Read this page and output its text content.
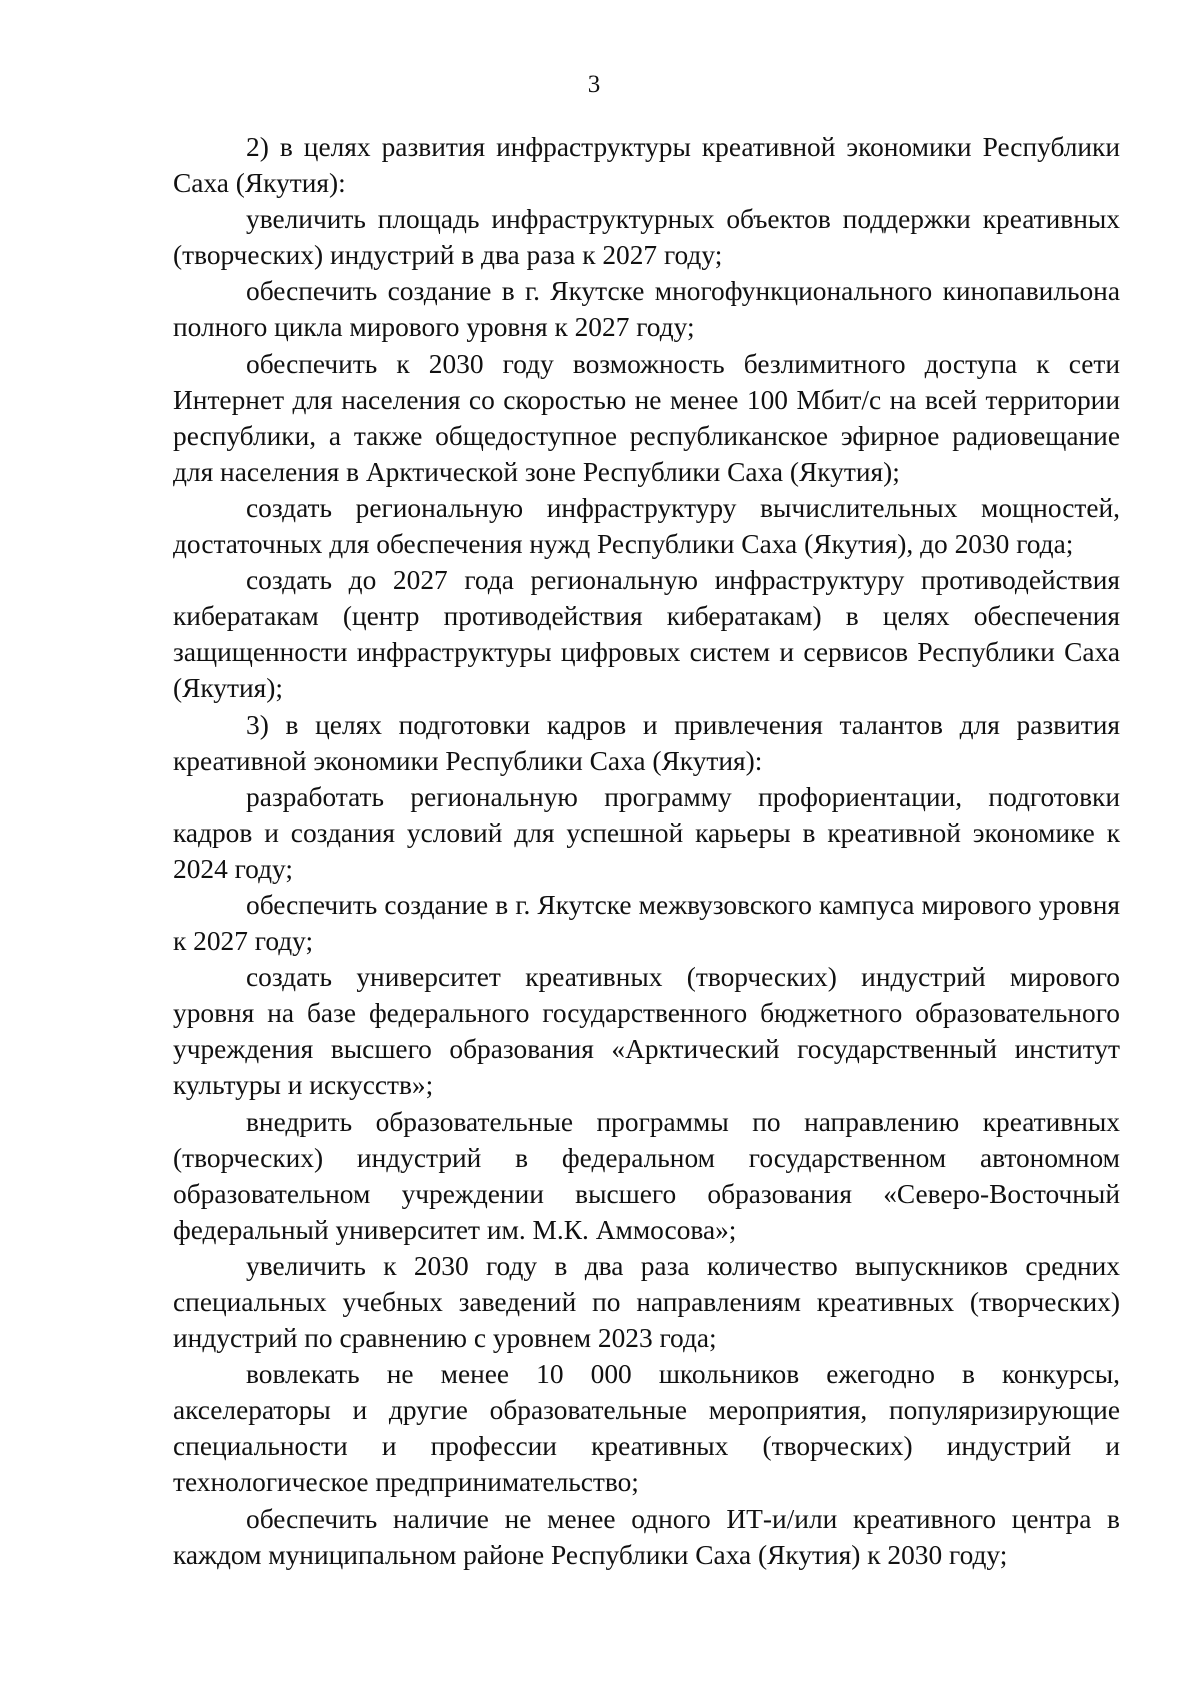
3

2) в целях развития инфраструктуры креативной экономики Республики Саха (Якутия):

увеличить площадь инфраструктурных объектов поддержки креативных (творческих) индустрий в два раза к 2027 году;

обеспечить создание в г. Якутске многофункционального кинопавильона полного цикла мирового уровня к 2027 году;

обеспечить к 2030 году возможность безлимитного доступа к сети Интернет для населения со скоростью не менее 100 Мбит/с на всей территории республики, а также общедоступное республиканское эфирное радиовещание для населения в Арктической зоне Республики Саха (Якутия);

создать региональную инфраструктуру вычислительных мощностей, достаточных для обеспечения нужд Республики Саха (Якутия), до 2030 года;

создать до 2027 года региональную инфраструктуру противодействия кибератакам (центр противодействия кибератакам) в целях обеспечения защищенности инфраструктуры цифровых систем и сервисов Республики Саха (Якутия);

3) в целях подготовки кадров и привлечения талантов для развития креативной экономики Республики Саха (Якутия):

разработать региональную программу профориентации, подготовки кадров и создания условий для успешной карьеры в креативной экономике к 2024 году;

обеспечить создание в г. Якутске межвузовского кампуса мирового уровня к 2027 году;

создать университет креативных (творческих) индустрий мирового уровня на базе федерального государственного бюджетного образовательного учреждения высшего образования «Арктический государственный институт культуры и искусств»;

внедрить образовательные программы по направлению креативных (творческих) индустрий в федеральном государственном автономном образовательном учреждении высшего образования «Северо-Восточный федеральный университет им. М.К. Аммосова»;

увеличить к 2030 году в два раза количество выпускников средних специальных учебных заведений по направлениям креативных (творческих) индустрий по сравнению с уровнем 2023 года;

вовлекать не менее 10 000 школьников ежегодно в конкурсы, акселераторы и другие образовательные мероприятия, популяризирующие специальности и профессии креативных (творческих) индустрий и технологическое предпринимательство;

обеспечить наличие не менее одного ИТ-и/или креативного центра в каждом муниципальном районе Республики Саха (Якутия) к 2030 году;
